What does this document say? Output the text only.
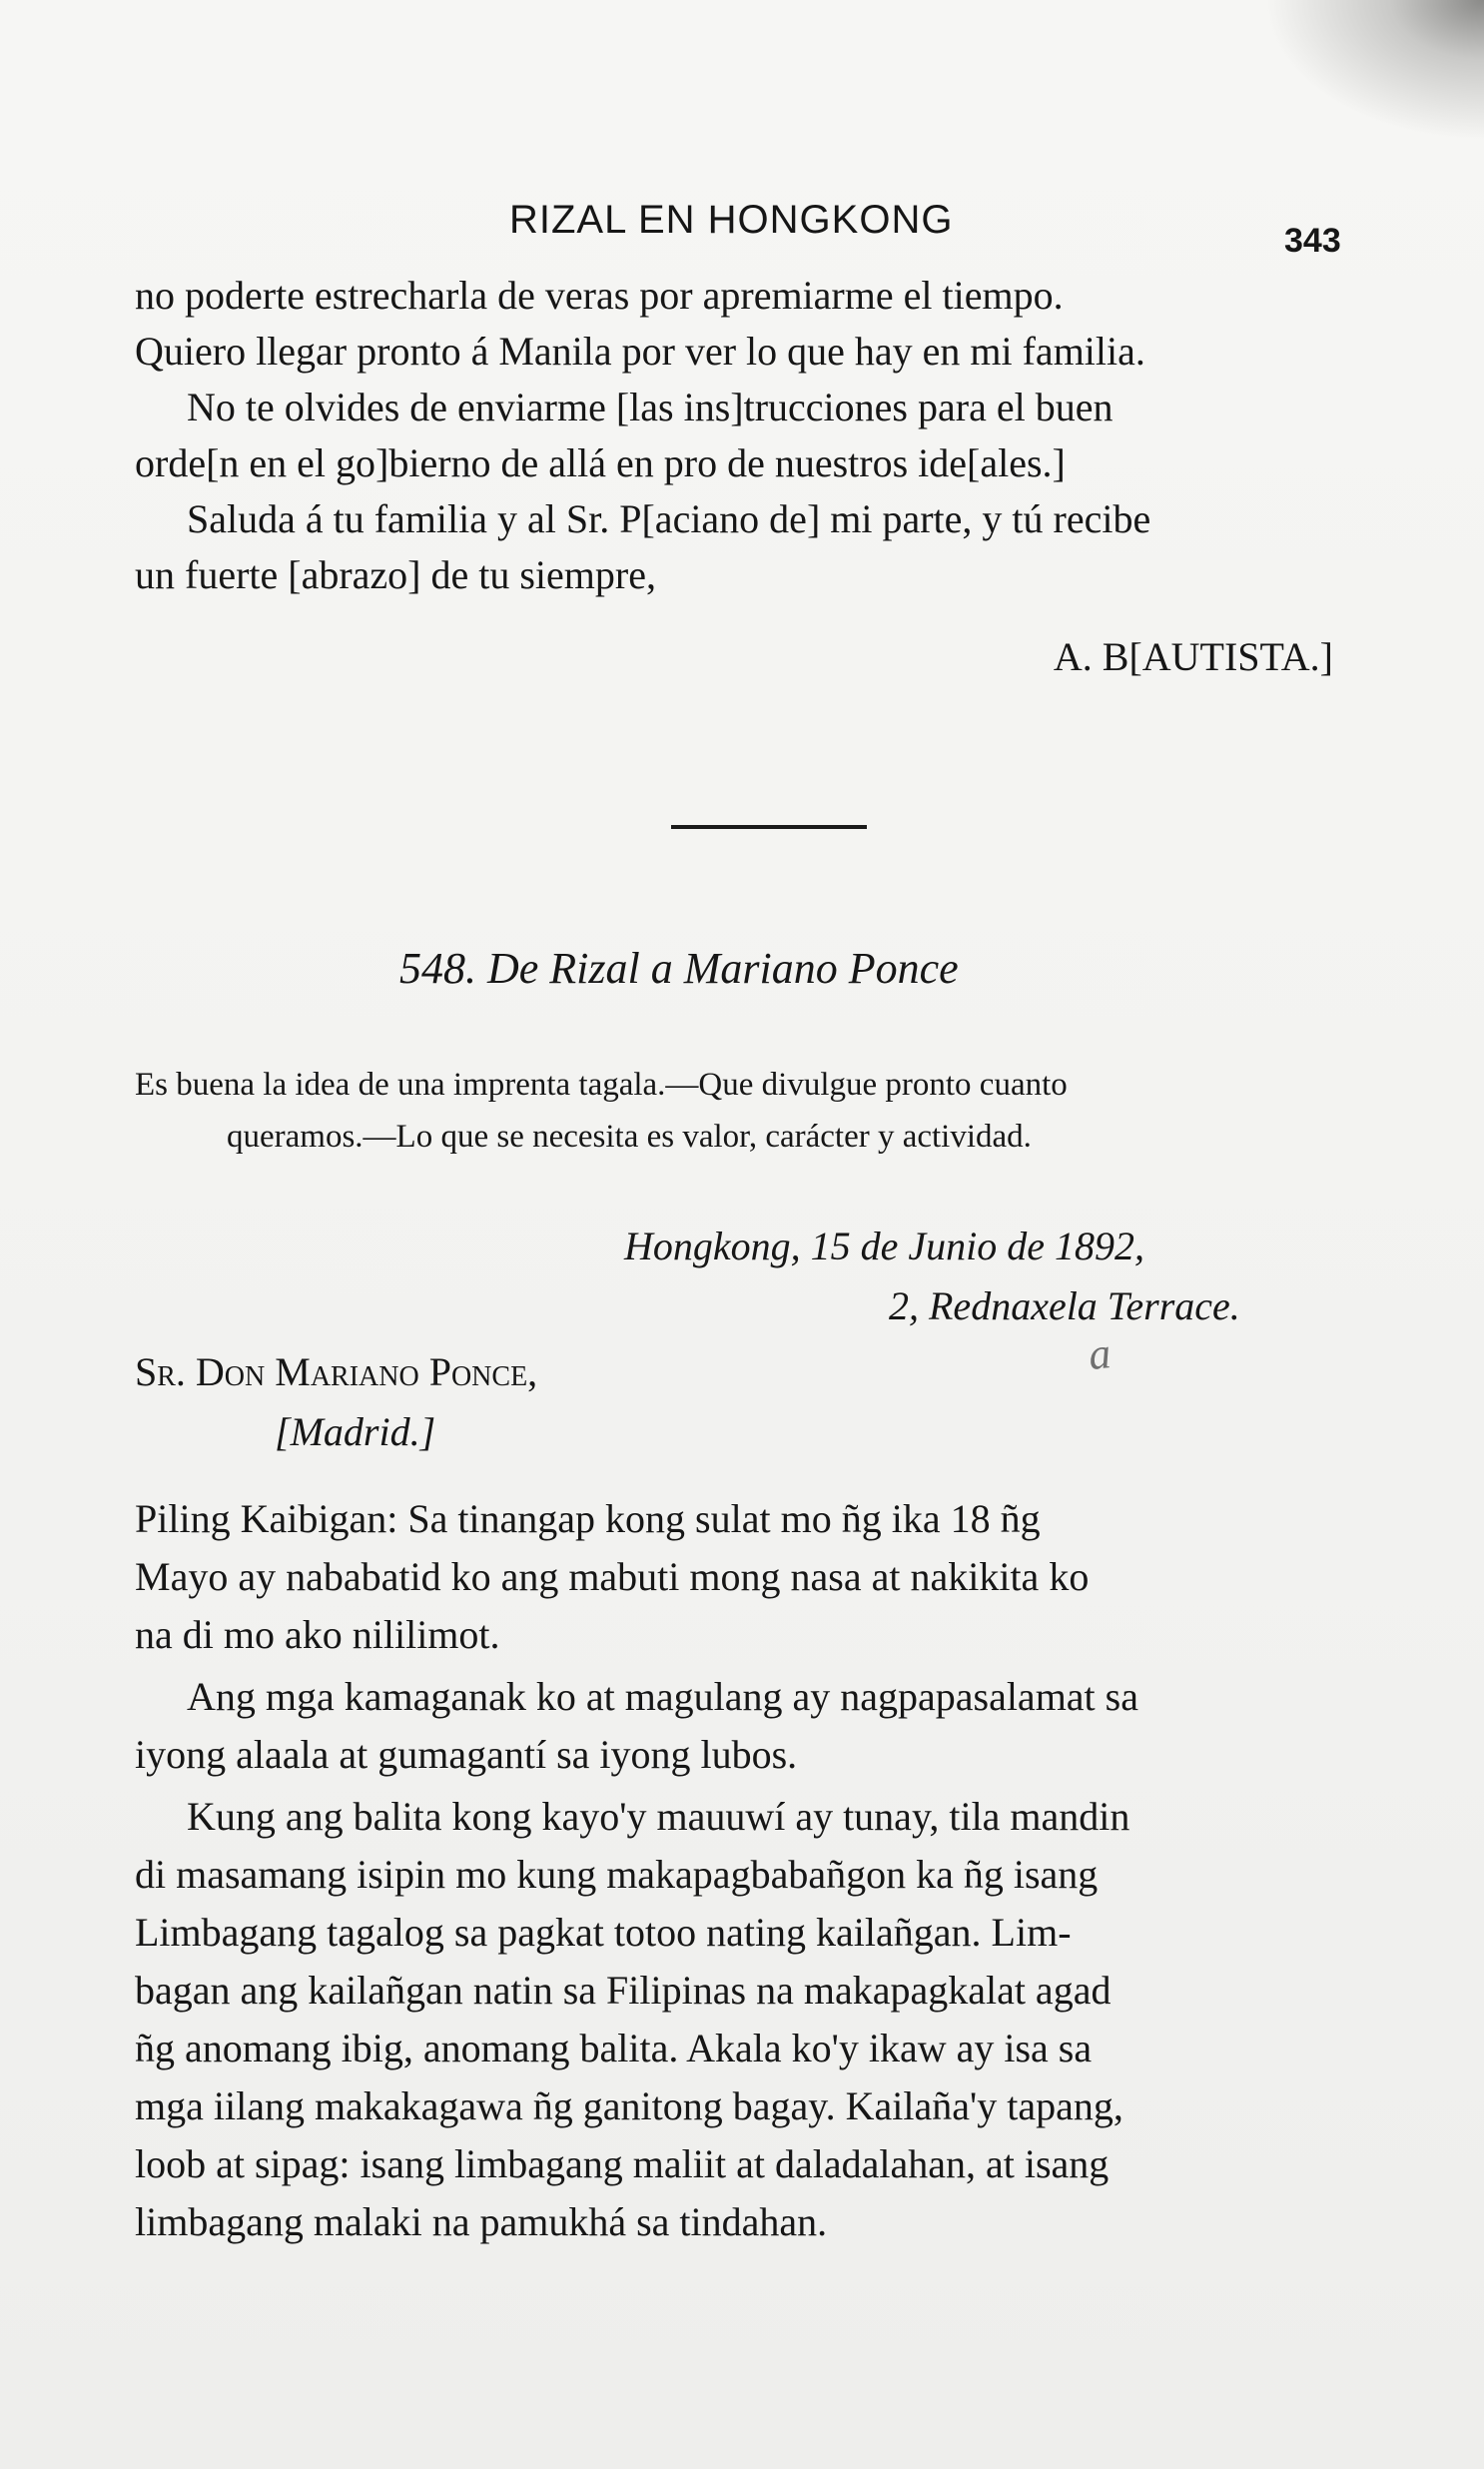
RIZAL EN HONGKONG	343
no poderte estrecharla de veras por apremiarme el tiempo.
Quiero llegar pronto á Manila por ver lo que hay en mi familia.
No te olvides de enviarme [las ins]trucciones para el buen
orde[n en el go]bierno de allá en pro de nuestros ide[ales.]
Saluda á tu familia y al Sr. P[aciano de] mi parte, y tú recibe
un fuerte [abrazo] de tu siempre,
A. B[AUTISTA.]
548. De Rizal a Mariano Ponce
Es buena la idea de una imprenta tagala.—Que divulgue pronto cuanto
queramos.—Lo que se necesita es valor, carácter y actividad.
Hongkong, 15 de Junio de 1892,
2, Rednaxela Terrace.
a
Sr. Don Mariano Ponce,
[Madrid.]
Piling Kaibigan: Sa tinangap kong sulat mo ñg ika 18 ñg
Mayo ay nababatid ko ang mabuti mong nasa at nakikita ko
na di mo ako nililimot.
Ang mga kamaganak ko at magulang ay nagpapasalamat sa
iyong alaala at gumagantí sa iyong lubos.
Kung ang balita kong kayo'y mauuwí ay tunay, tila mandin
di masamang isipin mo kung makapagbabañgon ka ñg isang
Limbagang tagalog sa pagkat totoo nating kailañgan. Lim-
bagan ang kailañgan natin sa Filipinas na makapagkalat agad
ñg anomang ibig, anomang balita. Akala ko'y ikaw ay isa sa
mga iilang makakagawa ñg ganitong bagay. Kailaña'y tapang,
loob at sipag: isang limbagang maliit at daladalahan, at isang
limbagang malaki na pamukhá sa tindahan.
